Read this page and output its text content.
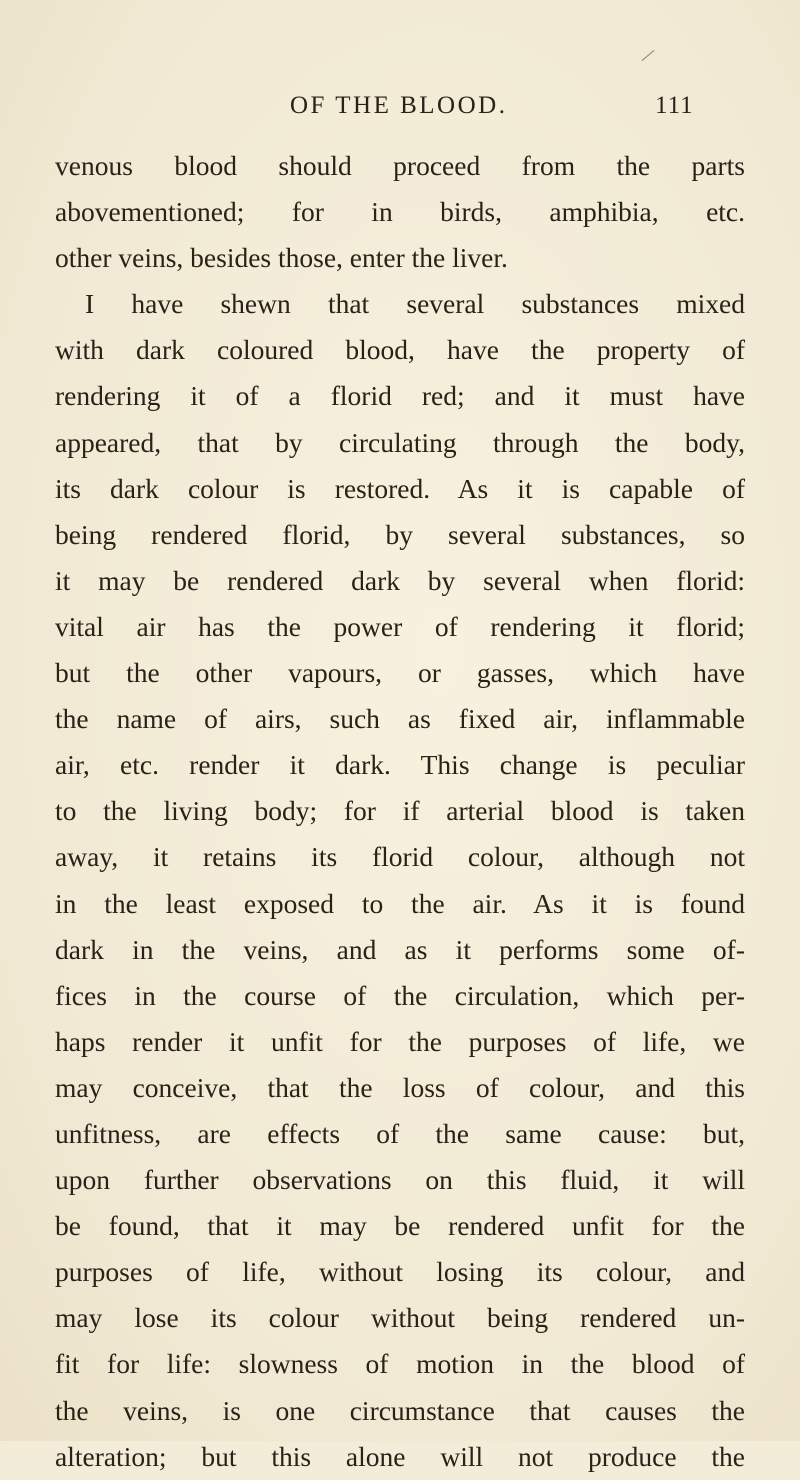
OF THE BLOOD.	111
venous blood should proceed from the parts
abovementioned; for in birds, amphibia, etc.
other veins, besides those, enter the liver.
I have shewn that several substances mixed
with dark coloured blood, have the property of
rendering it of a florid red; and it must have
appeared, that by circulating through the body,
its dark colour is restored. As it is capable of
being rendered florid, by several substances, so
it may be rendered dark by several when florid:
vital air has the power of rendering it florid;
but the other vapours, or gasses, which have
the name of airs, such as fixed air, inflammable
air, etc. render it dark. This change is peculiar
to the living body; for if arterial blood is taken
away, it retains its florid colour, although not
in the least exposed to the air. As it is found
dark in the veins, and as it performs some of-
fices in the course of the circulation, which per-
haps render it unfit for the purposes of life, we
may conceive, that the loss of colour, and this
unfitness, are effects of the same cause: but,
upon further observations on this fluid, it will
be found, that it may be rendered unfit for the
purposes of life, without losing its colour, and
may lose its colour without being rendered un-
fit for life: slowness of motion in the blood of
the veins, is one circumstance that causes the
alteration; but this alone will not produce the
